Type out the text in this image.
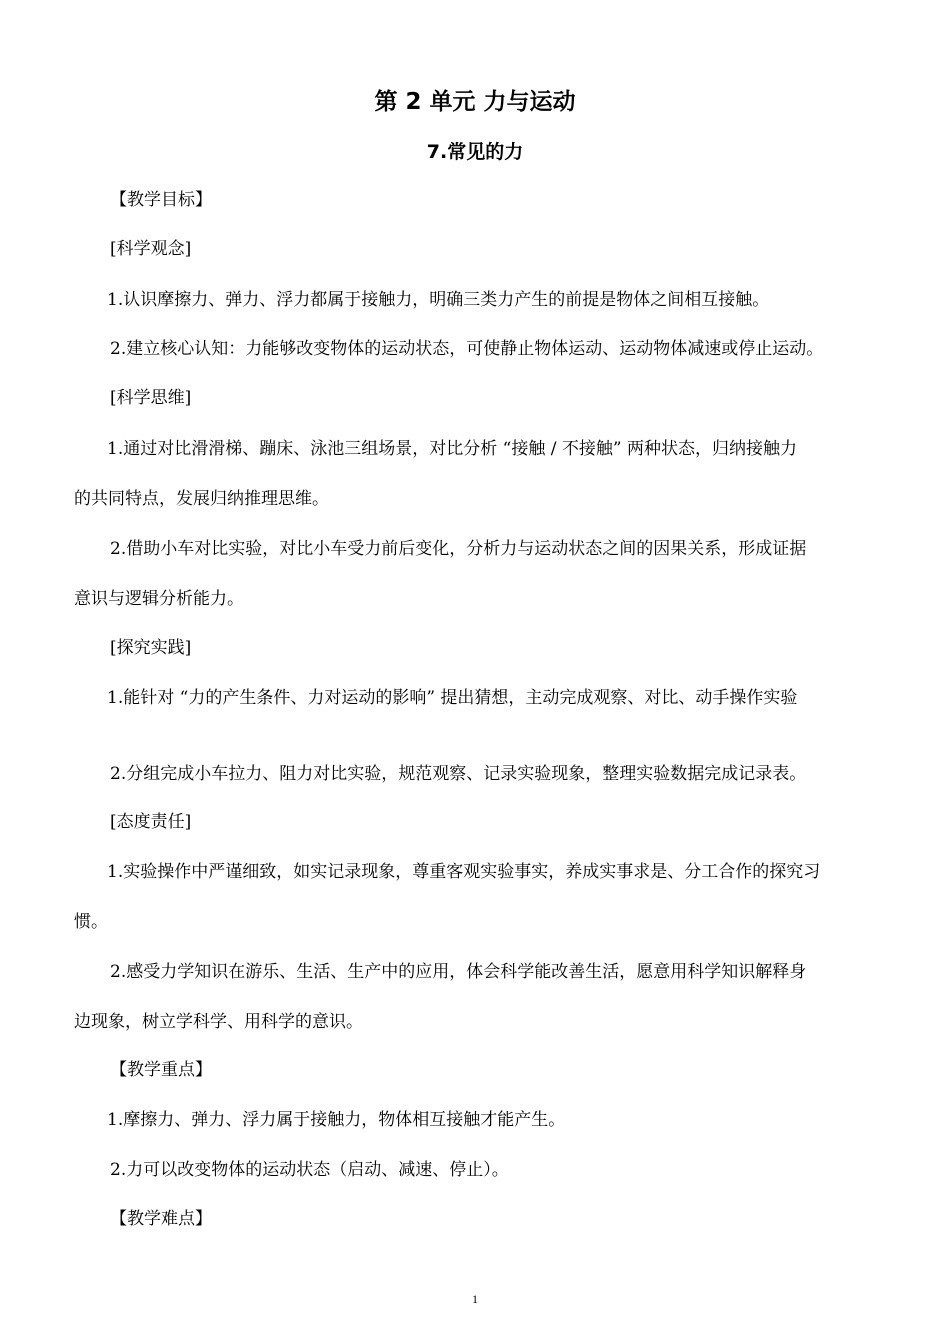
第 2 单元 力与运动
7.常见的力
【教学目标】
[科学观念]
1.认识摩擦力、弹力、浮力都属于接触力，明确三类力产生的前提是物体之间相互接触。
2.建立核心认知：力能够改变物体的运动状态，可使静止物体运动、运动物体减速或停止运动。
[科学思维]
1.通过对比滑滑梯、蹦床、泳池三组场景，对比分析 “接触 / 不接触” 两种状态，归纳接触力
的共同特点，发展归纳推理思维。
2.借助小车对比实验，对比小车受力前后变化，分析力与运动状态之间的因果关系，形成证据
意识与逻辑分析能力。
[探究实践]
1.能针对 “力的产生条件、力对运动的影响” 提出猜想，主动完成观察、对比、动手操作实验
2.分组完成小车拉力、阻力对比实验，规范观察、记录实验现象，整理实验数据完成记录表。
[态度责任]
1.实验操作中严谨细致，如实记录现象，尊重客观实验事实，养成实事求是、分工合作的探究习
惯。
2.感受力学知识在游乐、生活、生产中的应用，体会科学能改善生活，愿意用科学知识解释身
边现象，树立学科学、用科学的意识。
【教学重点】
1.摩擦力、弹力、浮力属于接触力，物体相互接触才能产生。
2.力可以改变物体的运动状态（启动、减速、停止）。
【教学难点】
1
